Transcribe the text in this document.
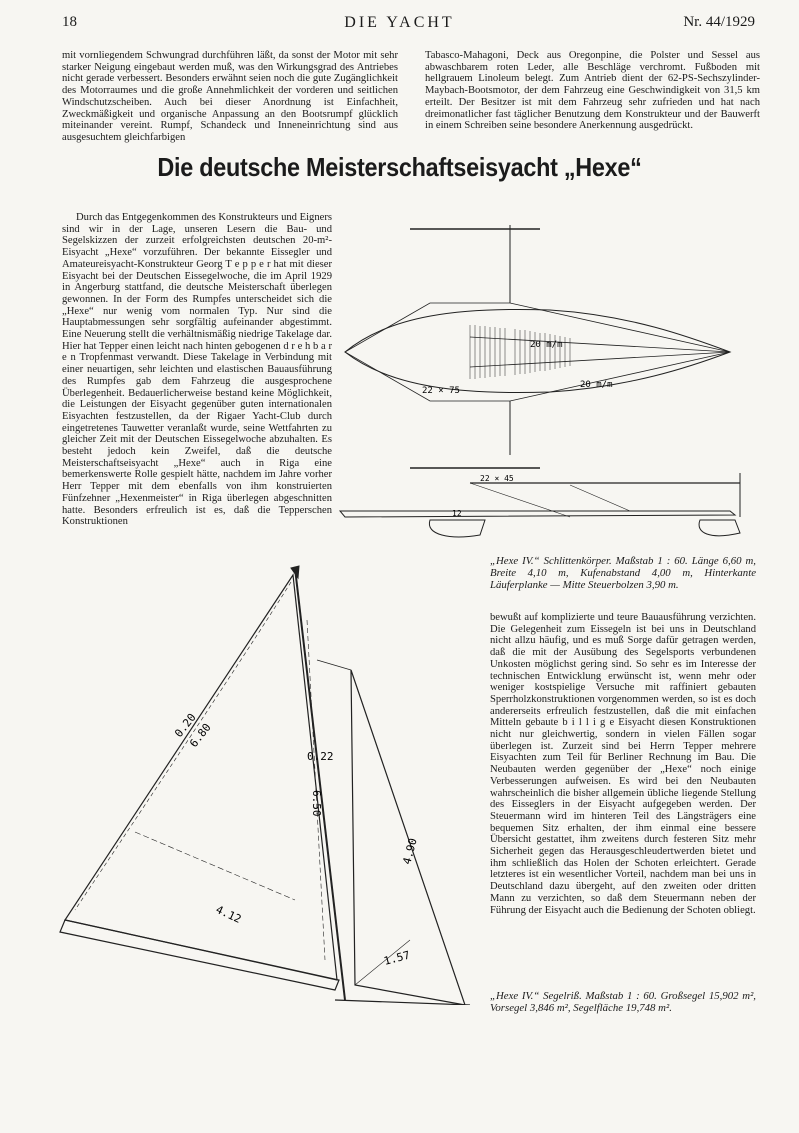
18	DIE YACHT	Nr. 44/1929

mit vornliegendem Schwungrad durchführen läßt, da sonst der Motor mit sehr starker Neigung eingebaut werden muß, was den Wirkungsgrad des Antriebes nicht gerade verbessert. Besonders erwähnt seien noch die gute Zugänglichkeit des Motorraumes und die große Annehmlichkeit der vorderen und seitlichen Windschutzscheiben. Auch bei dieser Anordnung ist Einfachheit, Zweckmäßigkeit und organische Anpassung an den Bootsrumpf glücklich miteinander vereint. Rumpf, Schandeck und Inneneinrichtung sind aus ausgesuchtem gleichfarbigen

Tabasco-Mahagoni, Deck aus Oregonpine, die Polster und Sessel aus abwaschbarem roten Leder, alle Beschläge verchromt. Fußboden mit hellgrauem Linoleum belegt. Zum Antrieb dient der 62-PS-Sechszylinder-Maybach-Bootsmotor, der dem Fahrzeug eine Geschwindigkeit von 31,5 km erteilt. Der Besitzer ist mit dem Fahrzeug sehr zufrieden und hat nach dreimonatlicher fast täglicher Benutzung dem Konstrukteur und der Bauwerft in einem Schreiben seine besondere Anerkennung ausgedrückt.

Die deutsche Meisterschaftseisyacht „Hexe“

Durch das Entgegenkommen des Konstrukteurs und Eigners sind wir in der Lage, unseren Lesern die Bau- und Segelskizzen der zurzeit erfolgreichsten deutschen 20-m²-Eisyacht „Hexe“ vorzuführen. Der bekannte Eissegler und Amateureisyacht-Konstrukteur Georg T e p p e r hat mit dieser Eisyacht bei der Deutschen Eissegelwoche, die im April 1929 in Angerburg stattfand, die deutsche Meisterschaft überlegen gewonnen. In der Form des Rumpfes unterscheidet sich die „Hexe“ nur wenig vom normalen Typ. Nur sind die Hauptabmessungen sehr sorgfältig aufeinander abgestimmt. Eine Neuerung stellt die verhältnismäßig niedrige Takelage dar. Hier hat Tepper einen leicht nach hinten gebogenen d r e h b a r e n Tropfenmast verwandt. Diese Takelage in Verbindung mit einer neuartigen, sehr leichten und elastischen Bauausführung des Rumpfes gab dem Fahrzeug die ausgesprochene Überlegenheit. Bedauerlicherweise bestand keine Möglichkeit, die Leistungen der Eisyacht gegenüber guten internationalen Eisyachten festzustellen, da der Rigaer Yacht-Club durch eingetretenes Tauwetter veranlaßt wurde, seine Wettfahrten zu gleicher Zeit mit der Deutschen Eissegelwoche abzuhalten. Es besteht jedoch kein Zweifel, daß die deutsche Meisterschaftseisyacht „Hexe“ auch in Riga eine bemerkenswerte Rolle gespielt hätte, nachdem im Jahre vorher Herr Tepper mit dem ebenfalls von ihm konstruierten Fünfzehner „Hexenmeister“ in Riga überlegen abgeschnitten hatte. Besonders erfreulich ist es, daß die Tepperschen Konstruktionen

bewußt auf komplizierte und teure Bauausführung verzichten. Die Gelegenheit zum Eissegeln ist bei uns in Deutschland nicht allzu häufig, und es muß Sorge dafür getragen werden, daß die mit der Ausübung des Segelsports verbundenen Unkosten möglichst gering sind. So sehr es im Interesse der technischen Entwicklung erwünscht ist, wenn mehr oder weniger kostspielige Versuche mit raffiniert gebauten Sperrholzkonstruktionen vorgenommen werden, so ist es doch andererseits erfreulich festzustellen, daß die mit einfachen Mitteln gebaute b i l l i g e Eisyacht diesen Konstruktionen nicht nur gleichwertig, sondern in vielen Fällen sogar überlegen ist. Zurzeit sind bei Herrn Tepper mehrere Eisyachten zum Teil für Berliner Rechnung im Bau. Die Neubauten werden gegenüber der „Hexe“ noch einige Verbesserungen aufweisen. Es wird bei den Neubauten wahrscheinlich die bisher allgemein übliche liegende Stellung des Eisseglers in der Eisyacht aufgegeben werden. Der Steuermann wird im hinteren Teil des Längsträgers eine bequemen Sitz erhalten, der ihm einmal eine bessere Übersicht gestattet, ihm zweitens durch festeren Sitz mehr Sicherheit gegen das Herausgeschleudertwerden bietet und ihm schließlich das Holen der Schoten erleichtert. Gerade letzteres ist ein wesentlicher Vorteil, nachdem man bei uns in Deutschland dazu übergeht, auf den zweiten oder dritten Mann zu verzichten, so daß dem Steuermann neben der Führung der Eisyacht auch die Bedienung der Schoten obliegt.

20 m/m
22 × 75
20 m/m
22 × 45
12
„Hexe IV.“ Schlittenkörper. Maßstab 1 : 60. Länge 6,60 m, Breite 4,10 m, Kufenabstand 4,00 m, Hinterkante Läuferplanke — Mitte Steuerbolzen 3,90 m.
0.20
6.80
0.22
6.50
4.12
4.90
1.57
„Hexe IV.“ Segelriß. Maßstab 1 : 60. Großsegel 15,902 m², Vorsegel 3,846 m², Segelfläche 19,748 m².
